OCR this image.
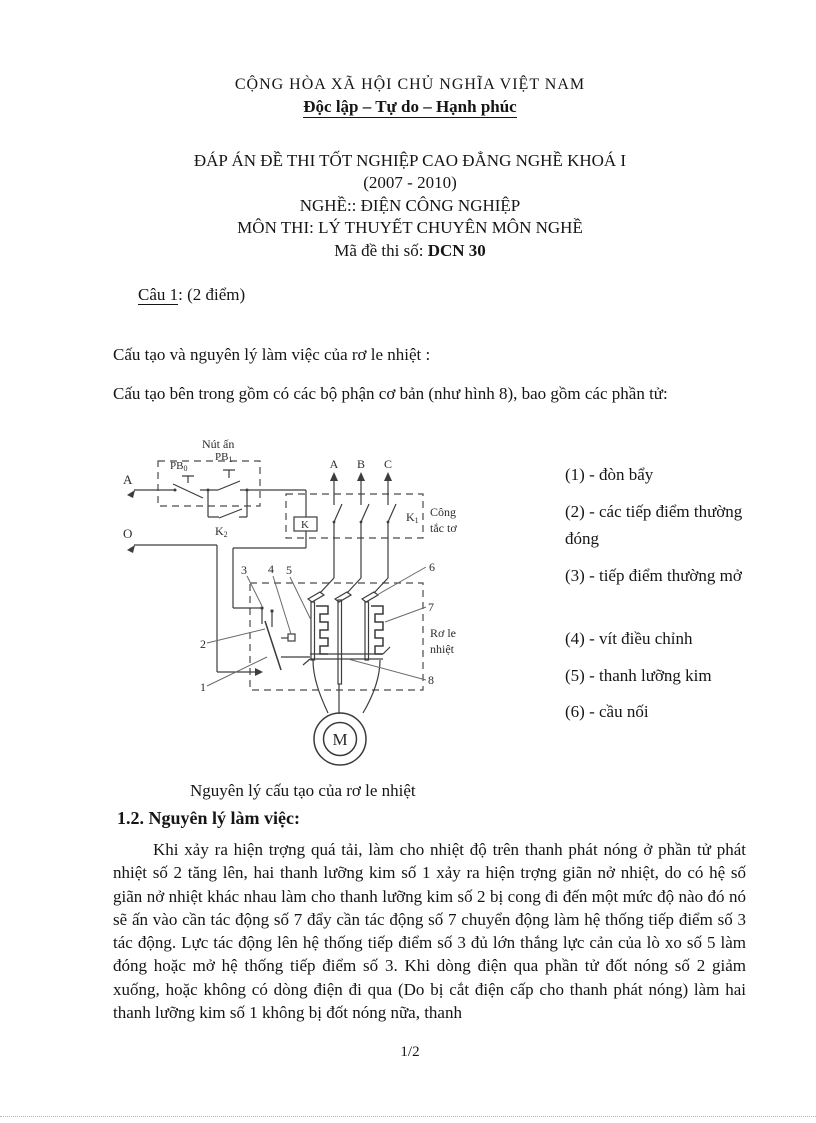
CỘNG HÒA XÃ HỘI CHỦ NGHĨA VIỆT NAM
Độc lập – Tự do – Hạnh phúc
ĐÁP ÁN ĐỀ THI TỐT NGHIỆP CAO ĐẲNG NGHỀ KHOÁ I
(2007 - 2010)
NGHỀ:: ĐIỆN CÔNG NGHIỆP
MÔN THI: LÝ THUYẾT CHUYÊN MÔN NGHỀ
Mã đề thi số: DCN 30
Câu 1: (2 điểm)
Cấu tạo và nguyên lý làm việc của rơ le nhiệt :
Cấu tạo bên trong gồm có các bộ phận cơ bản (như hình 8), bao gồm các phần tử:
M
Nút ấn
A
O
PB0
PB1
K2
K
K1
Công
tắc tơ
A B C
Rơ le
nhiệt
1
2
3 4 5	6
7
8
(1) - đòn bẩy
(2) - các tiếp điểm thường đóng
(3) - tiếp điểm thường mở
(4) - vít điều chỉnh
(5) - thanh lưỡng kim
(6) - cầu nối
Nguyên lý cấu tạo của rơ le nhiệt
1.2. Nguyên lý làm việc:
Khi xảy ra hiện trợng quá tải, làm cho nhiệt độ trên thanh phát nóng ở phần tử phát nhiệt số 2 tăng lên, hai thanh lưỡng kim số 1 xảy ra hiện trợng giãn nở nhiệt, do có hệ số giãn nở nhiệt khác nhau làm cho thanh lưỡng kim số 2 bị cong đi đến một mức độ nào đó nó sẽ ấn vào cần tác động số 7 đẩy cần tác động số 7 chuyển động làm hệ thống tiếp điểm số 3 tác động. Lực tác động lên hệ thống tiếp điểm số 3 đủ lớn thắng lực cản của lò xo số 5 làm đóng hoặc mở hệ thống tiếp điểm số 3. Khi dòng điện qua phần tử đốt nóng số 2 giảm xuống, hoặc không có dòng điện đi qua (Do bị cắt điện cấp cho thanh phát nóng) làm hai thanh lưỡng kim số 1 không bị đốt nóng nữa, thanh
1/2
